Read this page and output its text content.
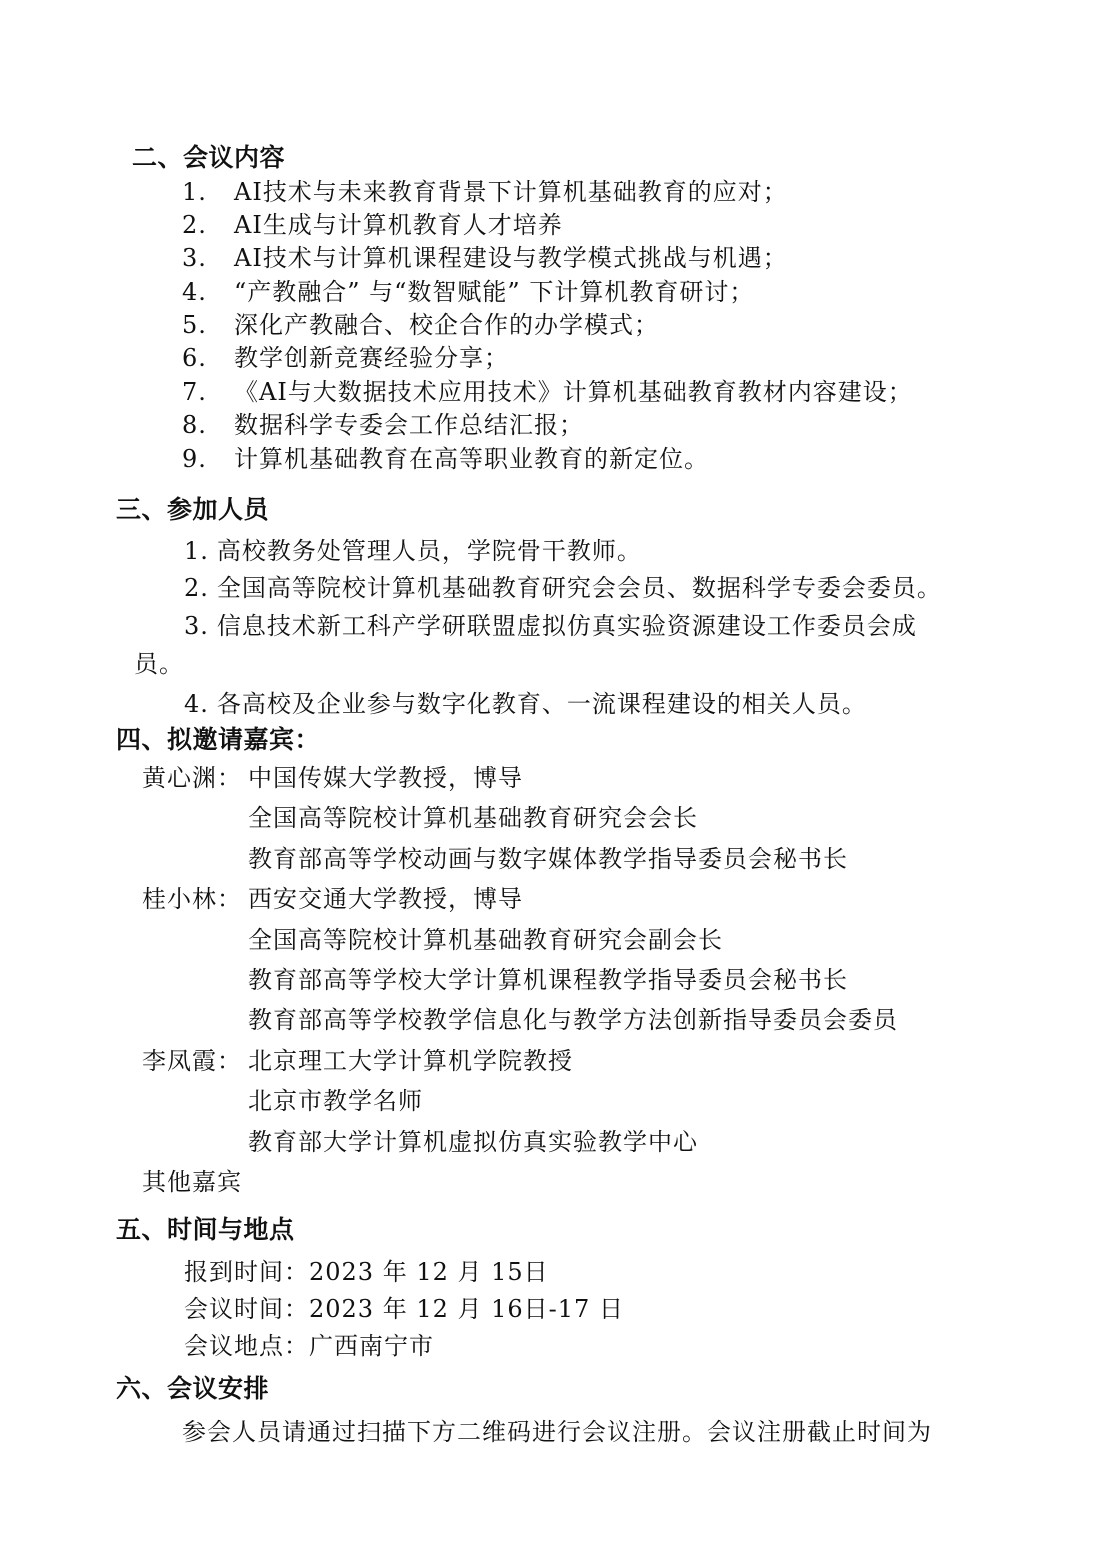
二、会议内容
1. AI技术与未来教育背景下计算机基础教育的应对；
2. AI生成与计算机教育人才培养
3. AI技术与计算机课程建设与教学模式挑战与机遇；
4. “产教融合” 与“数智赋能” 下计算机教育研讨；
5. 深化产教融合、校企合作的办学模式；
6. 教学创新竞赛经验分享；
7. 《AI与大数据技术应用技术》计算机基础教育教材内容建设；
8. 数据科学专委会工作总结汇报；
9. 计算机基础教育在高等职业教育的新定位。
三、参加人员
1. 高校教务处管理人员，学院骨干教师。
2. 全国高等院校计算机基础教育研究会会员、数据科学专委会委员。
3. 信息技术新工科产学研联盟虚拟仿真实验资源建设工作委员会成
员。
4. 各高校及企业参与数字化教育、一流课程建设的相关人员。
四、拟邀请嘉宾：
黄心渊： 中国传媒大学教授，博导
全国高等院校计算机基础教育研究会会长
教育部高等学校动画与数字媒体教学指导委员会秘书长
桂小林： 西安交通大学教授，博导
全国高等院校计算机基础教育研究会副会长
教育部高等学校大学计算机课程教学指导委员会秘书长
教育部高等学校教学信息化与教学方法创新指导委员会委员
李凤霞： 北京理工大学计算机学院教授
北京市教学名师
教育部大学计算机虚拟仿真实验教学中心
其他嘉宾
五、时间与地点
报到时间：2023 年 12 月 15日
会议时间：2023 年 12 月 16日-17 日
会议地点：广西南宁市
六、会议安排
参会人员请通过扫描下方二维码进行会议注册。会议注册截止时间为
